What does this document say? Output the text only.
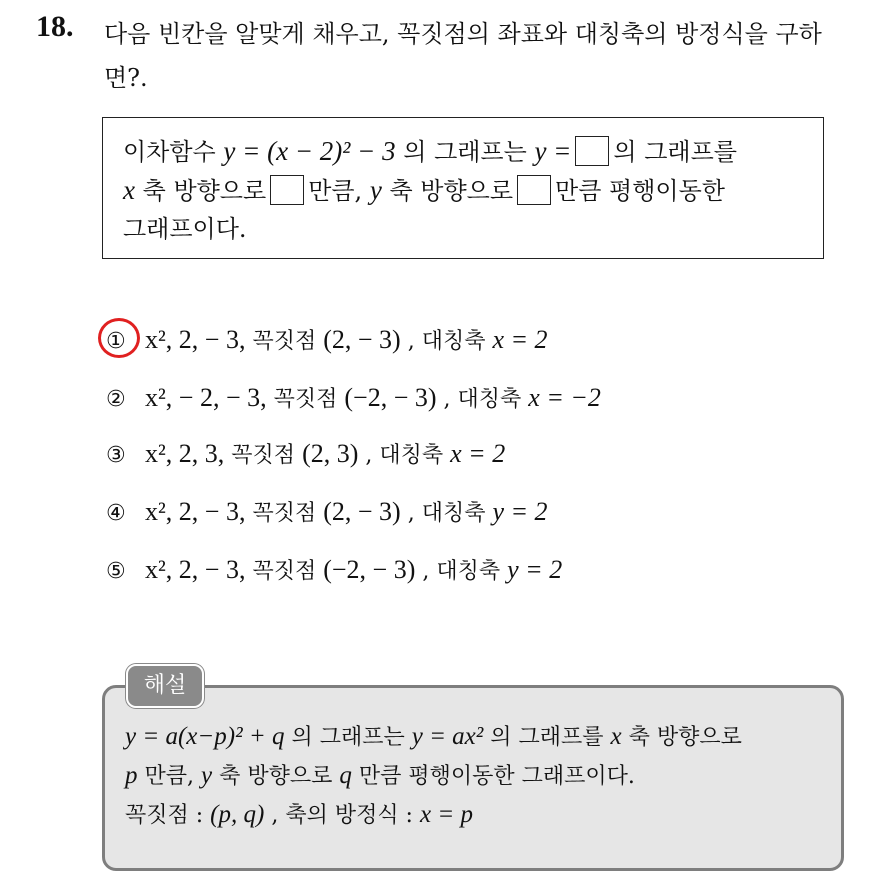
18. 다음 빈칸을 알맞게 채우고, 꼭짓점의 좌표와 대칭축의 방정식을 구하면?.
이차함수 y = (x − 2)² − 3 의 그래프는 y = 의 그래프를
x 축 방향으로 만큼, y 축 방향으로 만큼 평행이동한
그래프이다.
① x², 2, − 3, 꼭짓점 (2, − 3) , 대칭축 x = 2
② x², − 2, − 3, 꼭짓점 (−2, − 3) , 대칭축 x = −2
③ x², 2, 3, 꼭짓점 (2, 3) , 대칭축 x = 2
④ x², 2, − 3, 꼭짓점 (2, − 3) , 대칭축 y = 2
⑤ x², 2, − 3, 꼭짓점 (−2, − 3) , 대칭축 y = 2
y = a(x−p)² + q 의 그래프는 y = ax² 의 그래프를 x 축 방향으로
p 만큼, y 축 방향으로 q 만큼 평행이동한 그래프이다.
꼭짓점 : (p, q) , 축의 방정식 : x = p
해설
